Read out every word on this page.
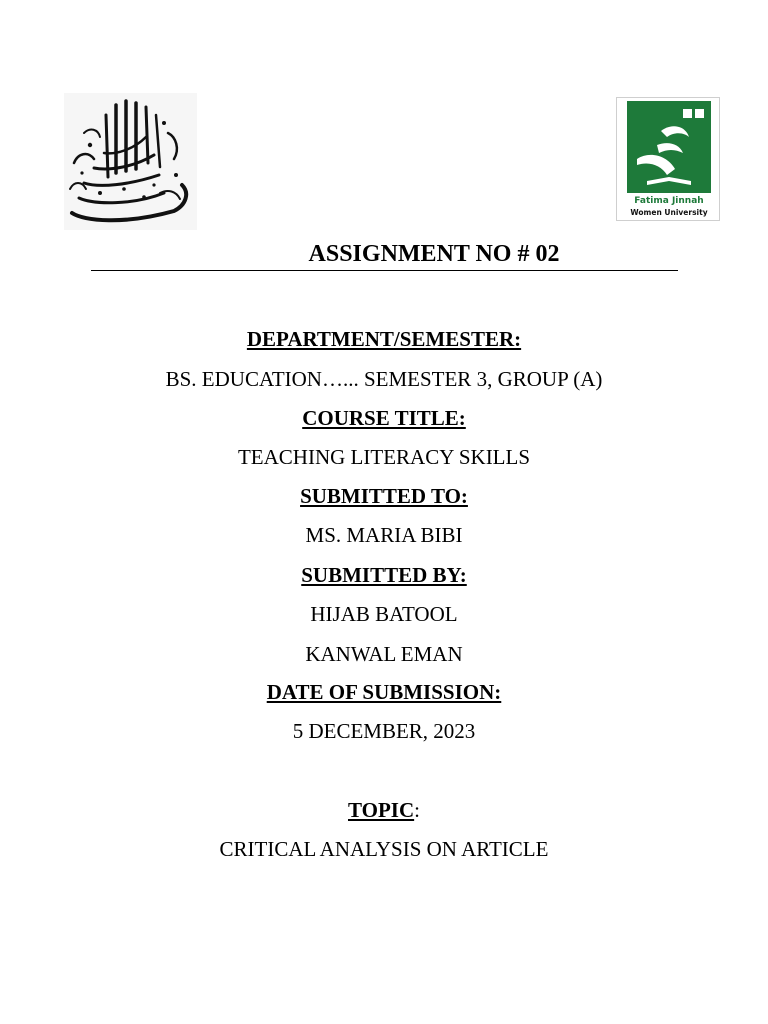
Fatima Jinnah
Women University
ASSIGNMENT NO # 02
DEPARTMENT/SEMESTER:
BS. EDUCATION…... SEMESTER 3, GROUP (A)
COURSE TITLE:
TEACHING LITERACY SKILLS
SUBMITTED TO:
MS. MARIA BIBI
SUBMITTED BY:
HIJAB BATOOL
KANWAL EMAN
DATE OF SUBMISSION:
5 DECEMBER, 2023
TOPIC:
CRITICAL ANALYSIS ON ARTICLE
